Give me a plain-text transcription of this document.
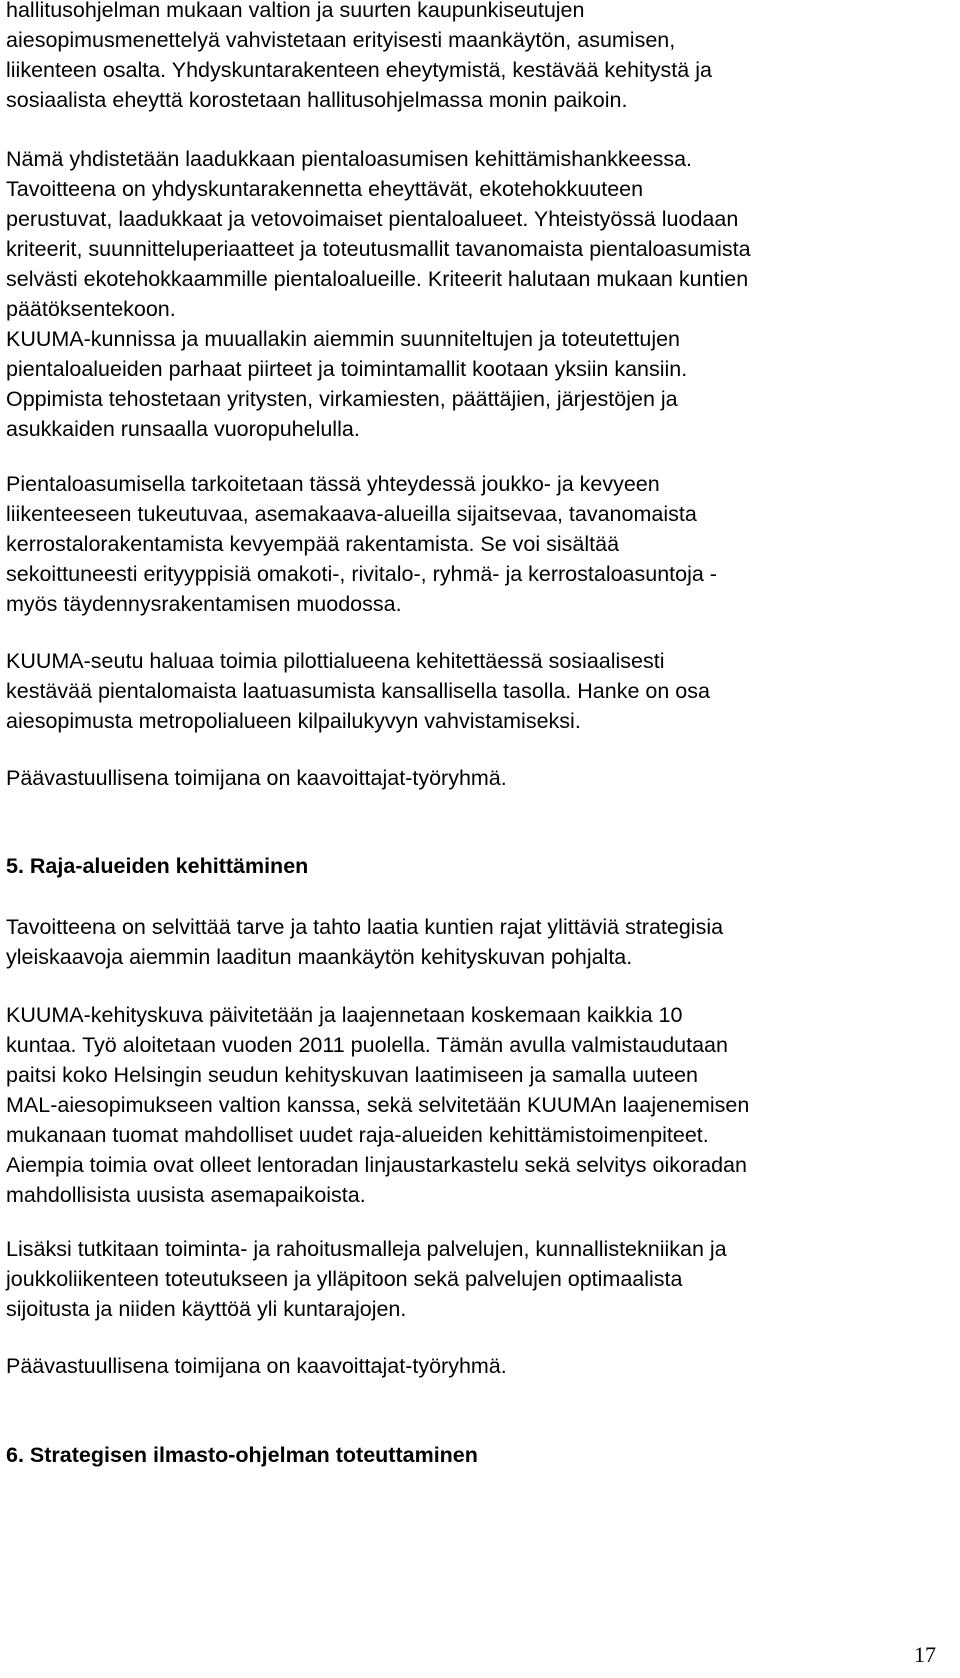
hallitusohjelman mukaan valtion ja suurten kaupunkiseutujen
aiesopimusmenettelyä vahvistetaan erityisesti maankäytön, asumisen,
liikenteen osalta. Yhdyskuntarakenteen eheytymistä, kestävää kehitystä ja
sosiaalista eheyttä korostetaan hallitusohjelmassa monin paikoin.

Nämä yhdistetään laadukkaan pientaloasumisen kehittämishankkeessa.
Tavoitteena on yhdyskuntarakennetta eheyttävät, ekotehokkuuteen
perustuvat, laadukkaat ja vetovoimaiset pientaloalueet. Yhteistyössä luodaan
kriteerit, suunnitteluperiaatteet ja toteutusmallit tavanomaista pientaloasumista
selvästi ekotehokkaammille pientaloalueille. Kriteerit halutaan mukaan kuntien
päätöksentekoon.
KUUMA-kunnissa ja muuallakin aiemmin suunniteltujen ja toteutettujen
pientaloalueiden parhaat piirteet ja toimintamallit kootaan yksiin kansiin.
Oppimista tehostetaan yritysten, virkamiesten, päättäjien, järjestöjen ja
asukkaiden runsaalla vuoropuhelulla.

Pientaloasumisella tarkoitetaan tässä yhteydessä joukko- ja kevyeen
liikenteeseen tukeutuvaa, asemakaava-alueilla sijaitsevaa, tavanomaista
kerrostalorakentamista kevyempää rakentamista. Se voi sisältää
sekoittuneesti erityyppisiä omakoti-, rivitalo-, ryhmä- ja kerrostaloasuntoja -
myös täydennysrakentamisen muodossa.

KUUMA-seutu haluaa toimia pilottialueena kehitettäessä sosiaalisesti
kestävää pientalomaista laatuasumista kansallisella tasolla. Hanke on osa
aiesopimusta metropolialueen kilpailukyvyn vahvistamiseksi.

Päävastuullisena toimijana on kaavoittajat-työryhmä.

5. Raja-alueiden kehittäminen

Tavoitteena on selvittää tarve ja tahto laatia kuntien rajat ylittäviä strategisia
yleiskaavoja aiemmin laaditun maankäytön kehityskuvan pohjalta.

KUUMA-kehityskuva päivitetään ja laajennetaan koskemaan kaikkia 10
kuntaa. Työ aloitetaan vuoden 2011 puolella. Tämän avulla valmistaudutaan
paitsi koko Helsingin seudun kehityskuvan laatimiseen ja samalla uuteen
MAL-aiesopimukseen valtion kanssa, sekä selvitetään KUUMAn laajenemisen
mukanaan tuomat mahdolliset uudet raja-alueiden kehittämistoimenpiteet.
Aiempia toimia ovat olleet lentoradan linjaustarkastelu sekä selvitys oikoradan
mahdollisista uusista asemapaikoista.

Lisäksi tutkitaan toiminta- ja rahoitusmalleja palvelujen, kunnallistekniikan ja
joukkoliikenteen toteutukseen ja ylläpitoon sekä palvelujen optimaalista
sijoitusta ja niiden käyttöä yli kuntarajojen.

Päävastuullisena toimijana on kaavoittajat-työryhmä.

6. Strategisen ilmasto-ohjelman toteuttaminen
17
